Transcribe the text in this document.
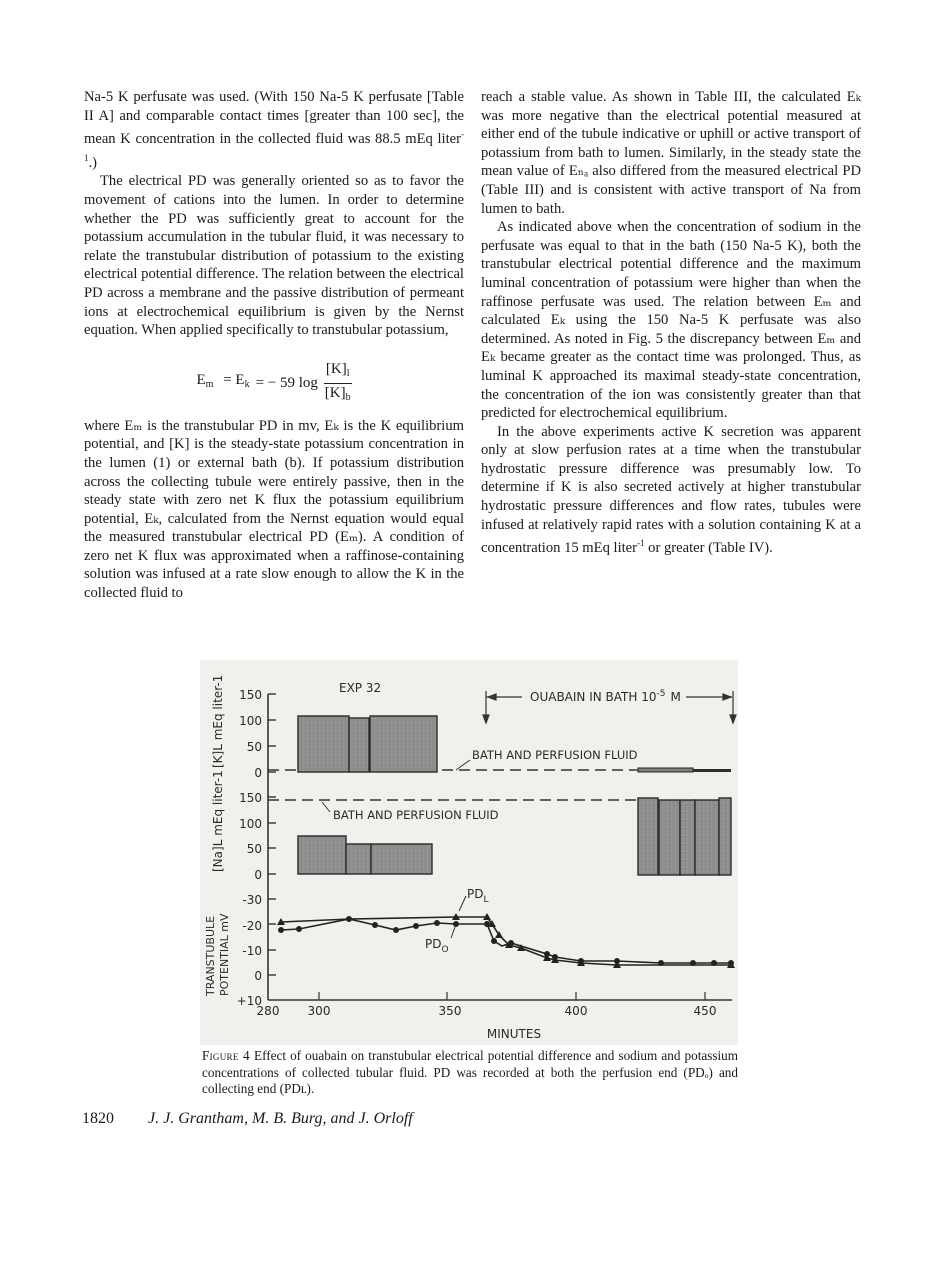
Na-5 K perfusate was used. (With 150 Na-5 K perfusate [Table II A] and comparable contact times [greater than 100 sec], the mean K concentration in the collected fluid was 88.5 mEq liter$^{-1}$.)

The electrical PD was generally oriented so as to favor the movement of cations into the lumen. In order to determine whether the PD was sufficiently great to account for the potassium accumulation in the tubular fluid, it was necessary to relate the transtubular distribution of potassium to the existing electrical potential difference. The relation between the electrical PD across a membrane and the passive distribution of permeant ions at electrochemical equilibrium is given by the Nernst equation. When applied specifically to transtubular potassium,

$E_m = E_k$ = − 59 $\log \frac{[K]_l}{[K]_b}$

where Eₘ is the transtubular PD in mv, Eₖ is the K equilibrium potential, and [K] is the steady-state potassium concentration in the lumen (1) or external bath (b). If potassium distribution across the collecting tubule were entirely passive, then in the steady state with zero net K flux the potassium equilibrium potential, Eₖ, calculated from the Nernst equation would equal the measured transtubular electrical PD (Eₘ). A condition of zero net K flux was approximated when a raffinose-containing solution was infused at a rate slow enough to allow the K in the collected fluid to

reach a stable value. As shown in Table III, the calculated Eₖ was more negative than the electrical potential measured at either end of the tubule indicative or uphill or active transport of potassium from bath to lumen. Similarly, in the steady state the mean value of Eₙₐ also differed from the measured electrical PD (Table III) and is consistent with active transport of Na from lumen to bath.

As indicated above when the concentration of sodium in the perfusate was equal to that in the bath (150 Na-5 K), both the transtubular electrical potential difference and the maximum luminal concentration of potassium were higher than when the raffinose perfusate was used. The relation between Eₘ and calculated Eₖ using the 150 Na-5 K perfusate was also determined. As noted in Fig. 5 the discrepancy between Eₘ and Eₖ became greater as the contact time was prolonged. Thus, as luminal K approached its maximal steady-state concentration, the concentration of the ion was consistently greater than that predicted for electrochemical equilibrium.

In the above experiments active K secretion was apparent only at slow perfusion rates at a time when the transtubular hydrostatic pressure difference was presumably low. To determine if K is also secreted actively at higher transtubular hydrostatic pressure differences and flow rates, tubules were infused at relatively rapid rates with a solution containing K at a concentration 15 mEq liter$^{-1}$ or greater (Table IV).

[K]L mEq liter-1
[Na]L mEq liter-1
TRANSTUBULE POTENTIAL mV
150
100
50
0
EXP 32
BATH AND PERFUSION FLUID
OUABAIN IN BATH $10^{-5}$ M
150
100
50
0
BATH AND PERFUSION FLUID
-30
-20
-10
0
+10
280 300	350	400	450
MINUTES
$PD_L$
$PD_O$
Figure 4 Effect of ouabain on transtubular electrical potential difference and sodium and potassium concentrations of collected tubular fluid. PD was recorded at both the perfusion end (PDₒ) and collecting end (PDʟ).
1820 J. J. Grantham, M. B. Burg, and J. Orloff
